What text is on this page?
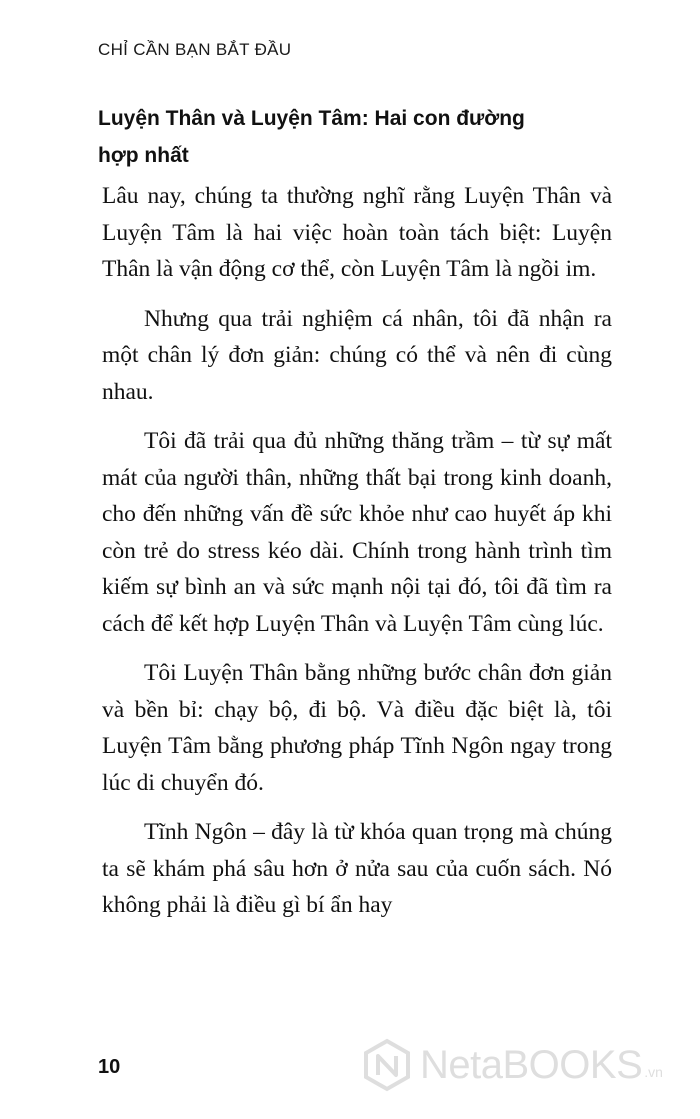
CHỈ CẦN BẠN BẮT ĐẦU
Luyện Thân và Luyện Tâm: Hai con đường hợp nhất

Lâu nay, chúng ta thường nghĩ rằng Luyện Thân và Luyện Tâm là hai việc hoàn toàn tách biệt: Luyện Thân là vận động cơ thể, còn Luyện Tâm là ngồi im.

Nhưng qua trải nghiệm cá nhân, tôi đã nhận ra một chân lý đơn giản: chúng có thể và nên đi cùng nhau.

Tôi đã trải qua đủ những thăng trầm – từ sự mất mát của người thân, những thất bại trong kinh doanh, cho đến những vấn đề sức khỏe như cao huyết áp khi còn trẻ do stress kéo dài. Chính trong hành trình tìm kiếm sự bình an và sức mạnh nội tại đó, tôi đã tìm ra cách để kết hợp Luyện Thân và Luyện Tâm cùng lúc.

Tôi Luyện Thân bằng những bước chân đơn giản và bền bỉ: chạy bộ, đi bộ. Và điều đặc biệt là, tôi Luyện Tâm bằng phương pháp Tĩnh Ngôn ngay trong lúc di chuyển đó.

Tĩnh Ngôn – đây là từ khóa quan trọng mà chúng ta sẽ khám phá sâu hơn ở nửa sau của cuốn sách. Nó không phải là điều gì bí ẩn hay

10	NetaBOOKS .vn
